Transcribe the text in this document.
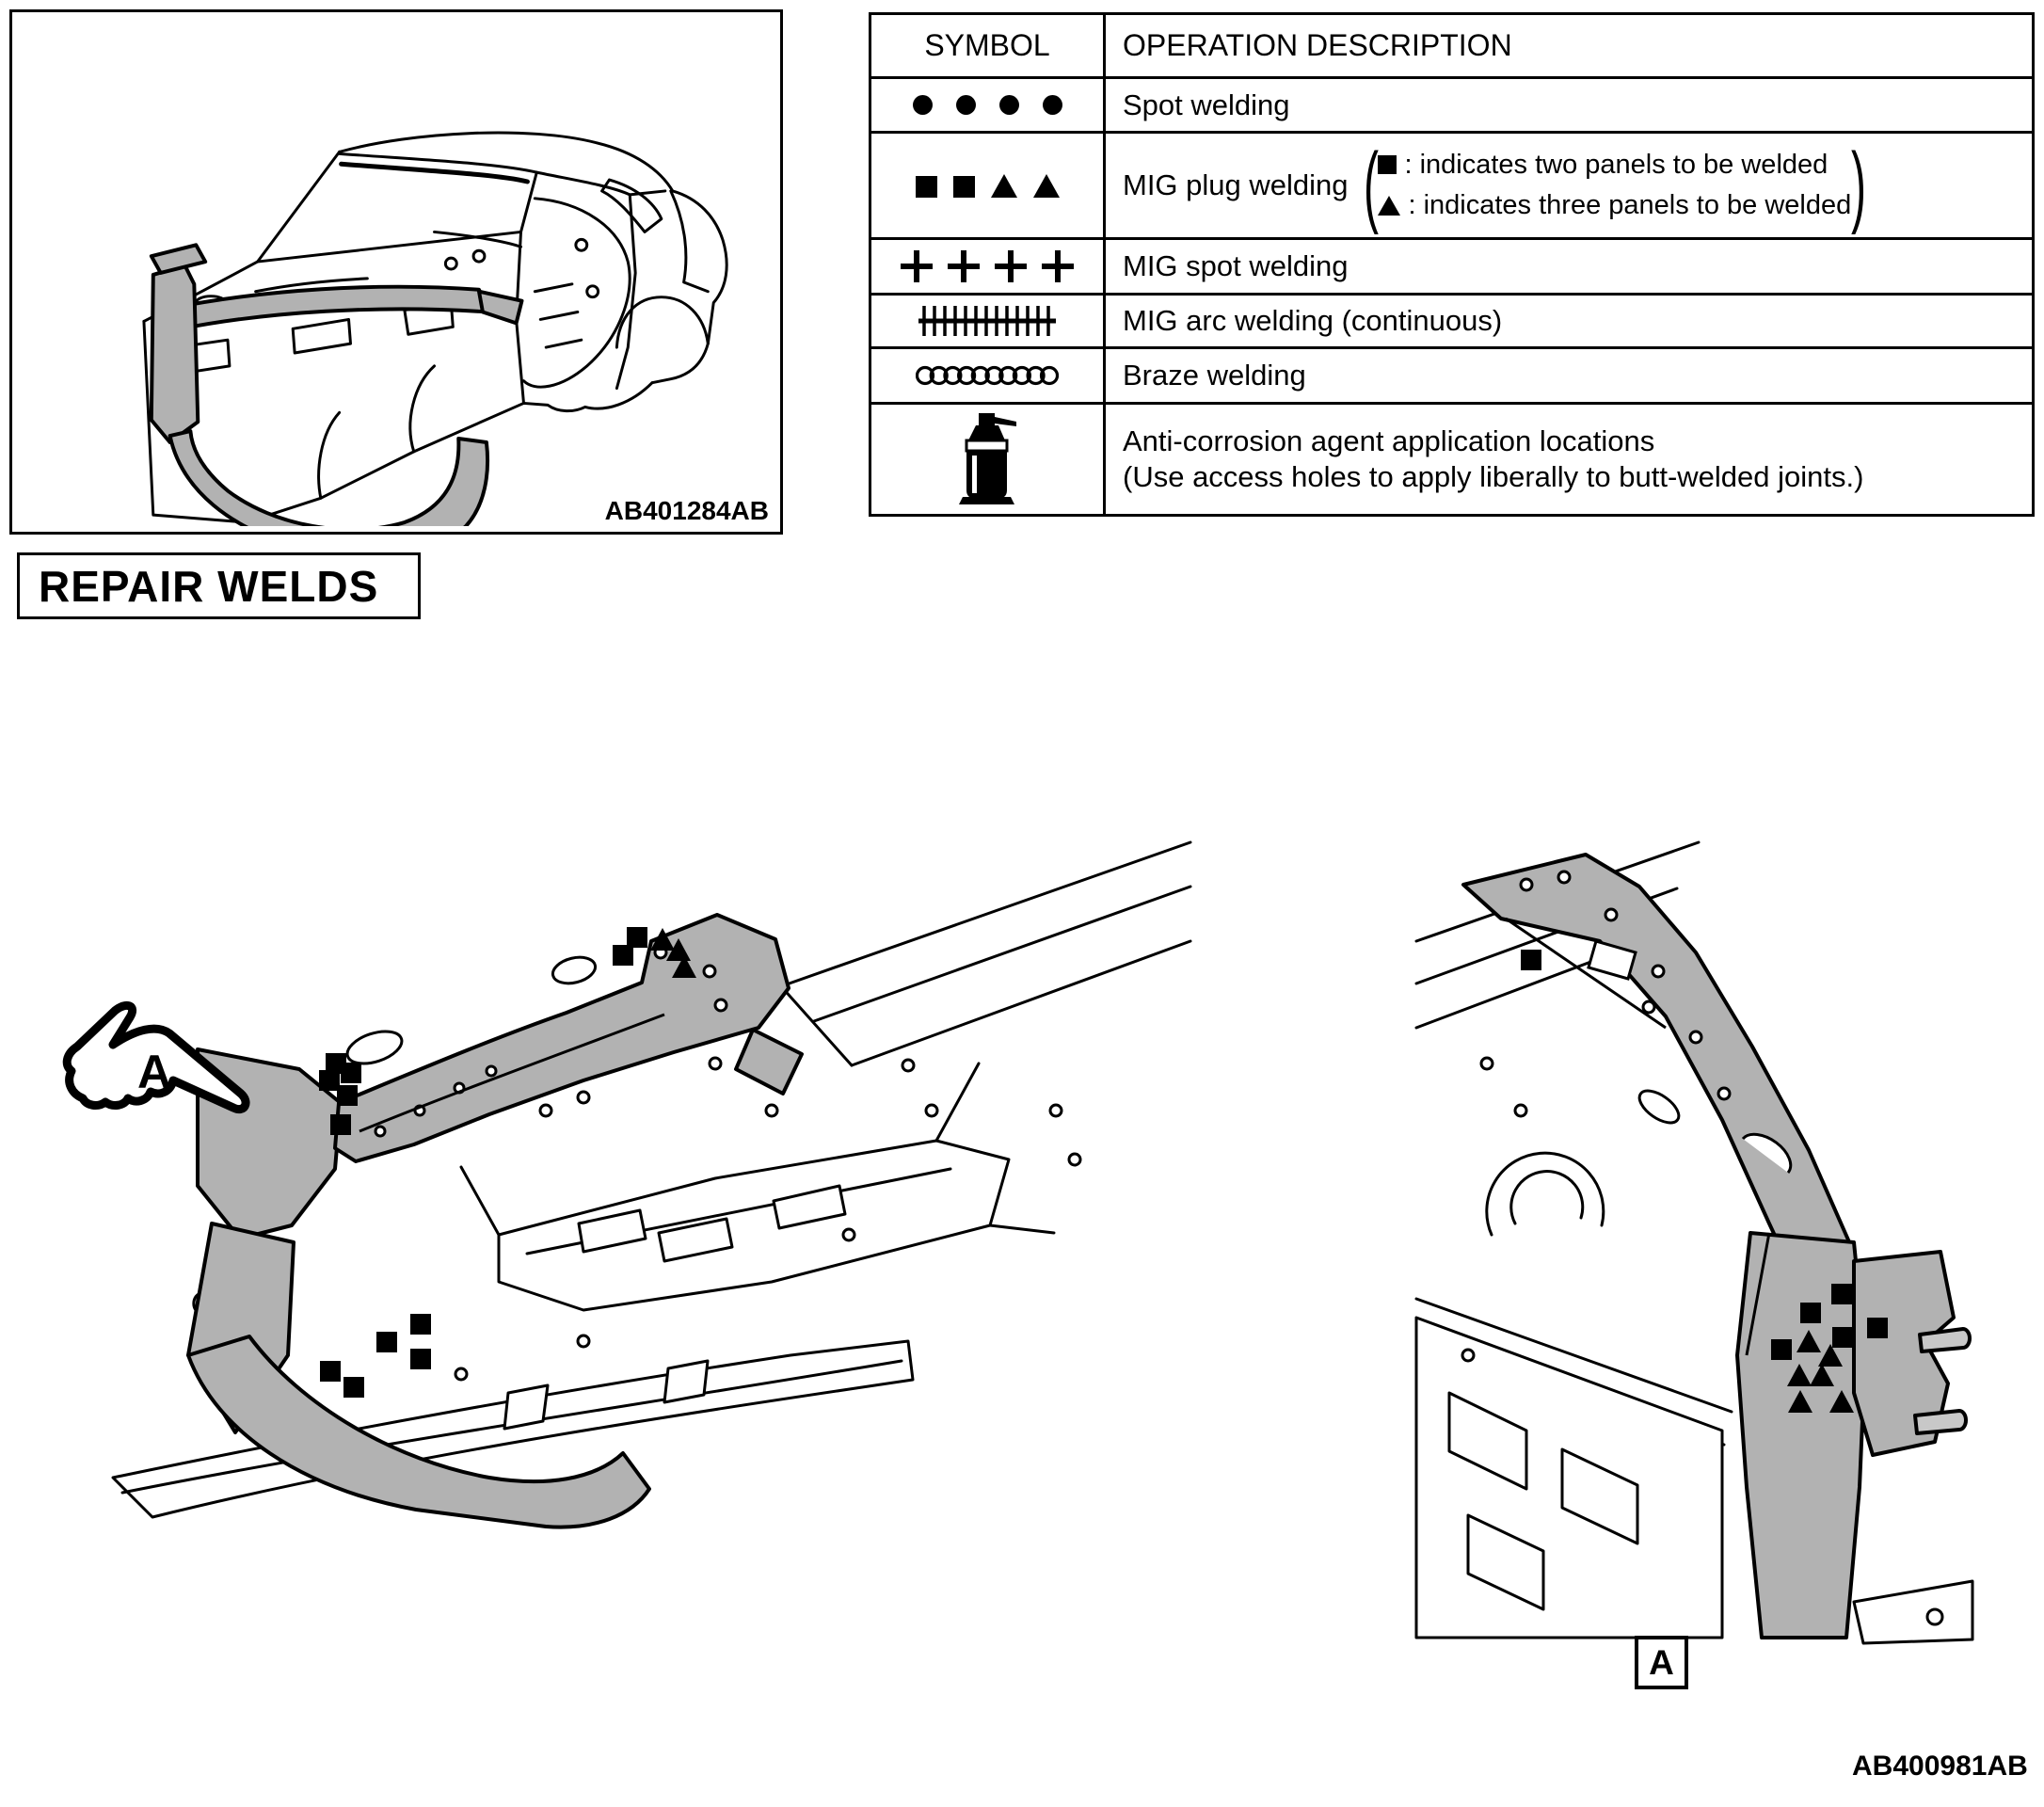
AB401284AB
SYMBOL	OPERATION DESCRIPTION
Spot welding
MIG plug welding ( : indicates two panels to be welded
: indicates three panels to be welded )
MIG spot welding
MIG arc welding (continuous)
Braze welding
Anti-corrosion agent application locations
(Use access holes to apply liberally to butt-welded joints.)
REPAIR WELDS
A
A
AB400981AB
